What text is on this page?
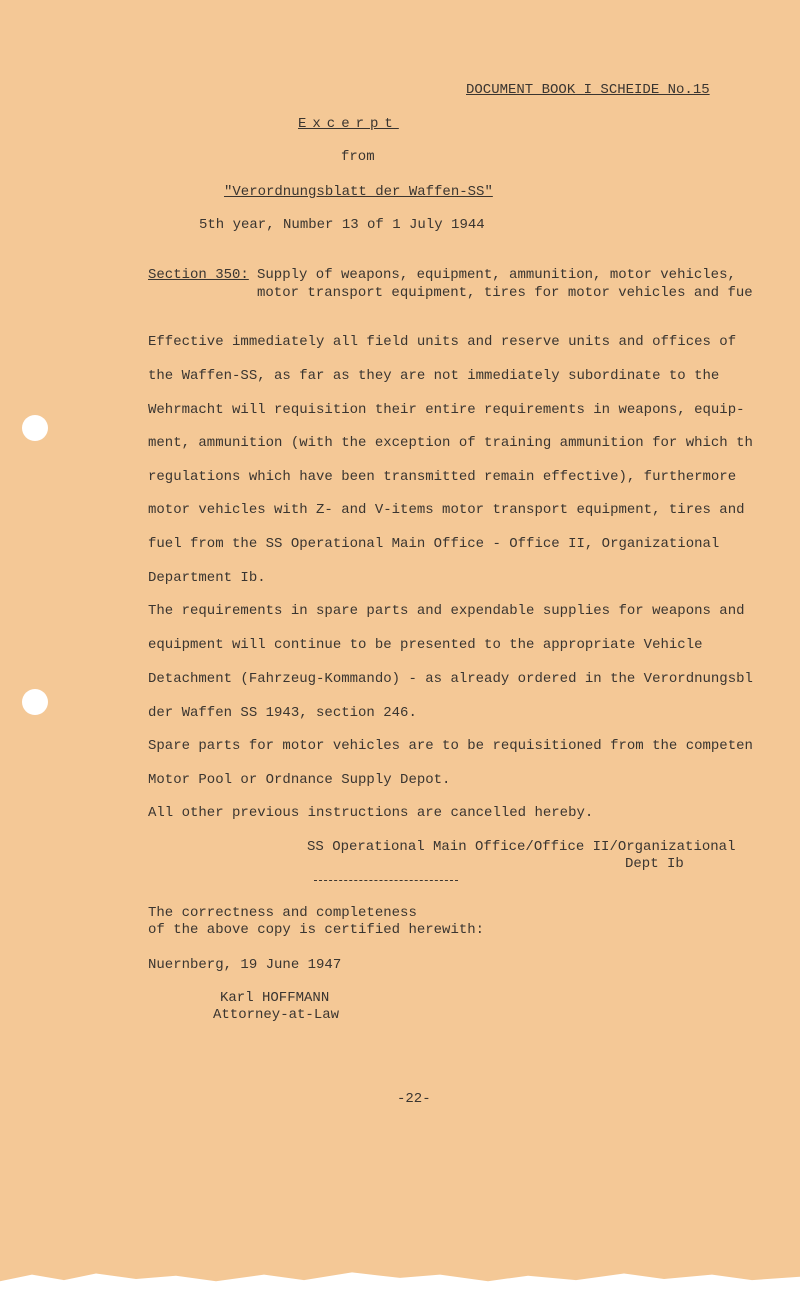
DOCUMENT BOOK I SCHEIDE No.15
Excerpt
from
"Verordnungsblatt der Waffen-SS"
5th year, Number 13 of 1 July 1944
Section 350: Supply of weapons, equipment, ammunition, motor vehicles,
motor transport equipment, tires for motor vehicles and fue
Effective immediately all field units and reserve units and offices of
the Waffen-SS, as far as they are not immediately subordinate to the
Wehrmacht will requisition their entire requirements in weapons, equip-
ment, ammunition (with the exception of training ammunition for which th
regulations which have been transmitted remain effective), furthermore
motor vehicles with Z- and V-items motor transport equipment, tires and
fuel from the SS Operational Main Office - Office II, Organizational
Department Ib.
The requirements in spare parts and expendable supplies for weapons and
equipment will continue to be presented to the appropriate Vehicle
Detachment (Fahrzeug-Kommando) - as already ordered in the Verordnungsbl
der Waffen SS 1943, section 246.
Spare parts for motor vehicles are to be requisitioned from the competen
Motor Pool or Ordnance Supply Depot.
All other previous instructions are cancelled hereby.
SS Operational Main Office/Office II/Organizational
Dept Ib
The correctness and completeness
of the above copy is certified herewith:
Nuernberg, 19 June 1947
Karl HOFFMANN
Attorney-at-Law
-22-
